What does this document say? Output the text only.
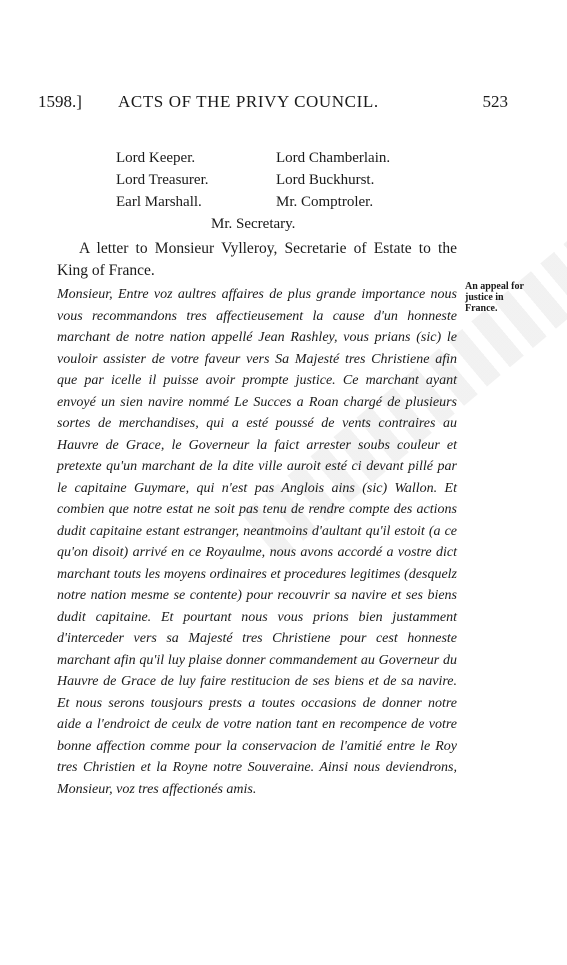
1598.] ACTS OF THE PRIVY COUNCIL.	523
Lord Keeper.	Lord Chamberlain.
Lord Treasurer.	Lord Buckhurst.
Earl Marshall.	Mr. Comptroler.
Mr. Secretary.

A letter to Monsieur Vylleroy, Secretarie of Estate to the King of France.

An appeal for justice in France.

Monsieur, Entre voz aultres affaires de plus grande importance nous vous recommandons tres affectieusement la cause d'un honneste marchant de notre nation appellé Jean Rashley, vous prians (sic) le vouloir assister de votre faveur vers Sa Majesté tres Christiene afin que par icelle il puisse avoir prompte justice. Ce marchant ayant envoyé un sien navire nommé Le Succes a Roan chargé de plusieurs sortes de merchandises, qui a esté poussé de vents contraires au Hauvre de Grace, le Governeur la faict arrester soubs couleur et pretexte qu'un marchant de la dite ville auroit esté ci devant pillé par le capitaine Guymare, qui n'est pas Anglois ains (sic) Wallon. Et combien que notre estat ne soit pas tenu de rendre compte des actions dudit capitaine estant estranger, neantmoins d'aultant qu'il estoit (a ce qu'on disoit) arrivé en ce Royaulme, nous avons accordé a vostre dict marchant touts les moyens ordinaires et procedures legitimes (desquelz notre nation mesme se contente) pour recouvrir sa navire et ses biens dudit capitaine. Et pourtant nous vous prions bien justamment d'interceder vers sa Majesté tres Christiene pour cest honneste marchant afin qu'il luy plaise donner commandement au Governeur du Hauvre de Grace de luy faire restitucion de ses biens et de sa navire. Et nous serons tousjours prests a toutes occasions de donner notre aide a l'endroict de ceulx de votre nation tant en recompence de votre bonne affection comme pour la conservacion de l'amitié entre le Roy tres Christien et la Royne notre Souveraine. Ainsi nous deviendrons, Monsieur, voz tres affectionés amis.
